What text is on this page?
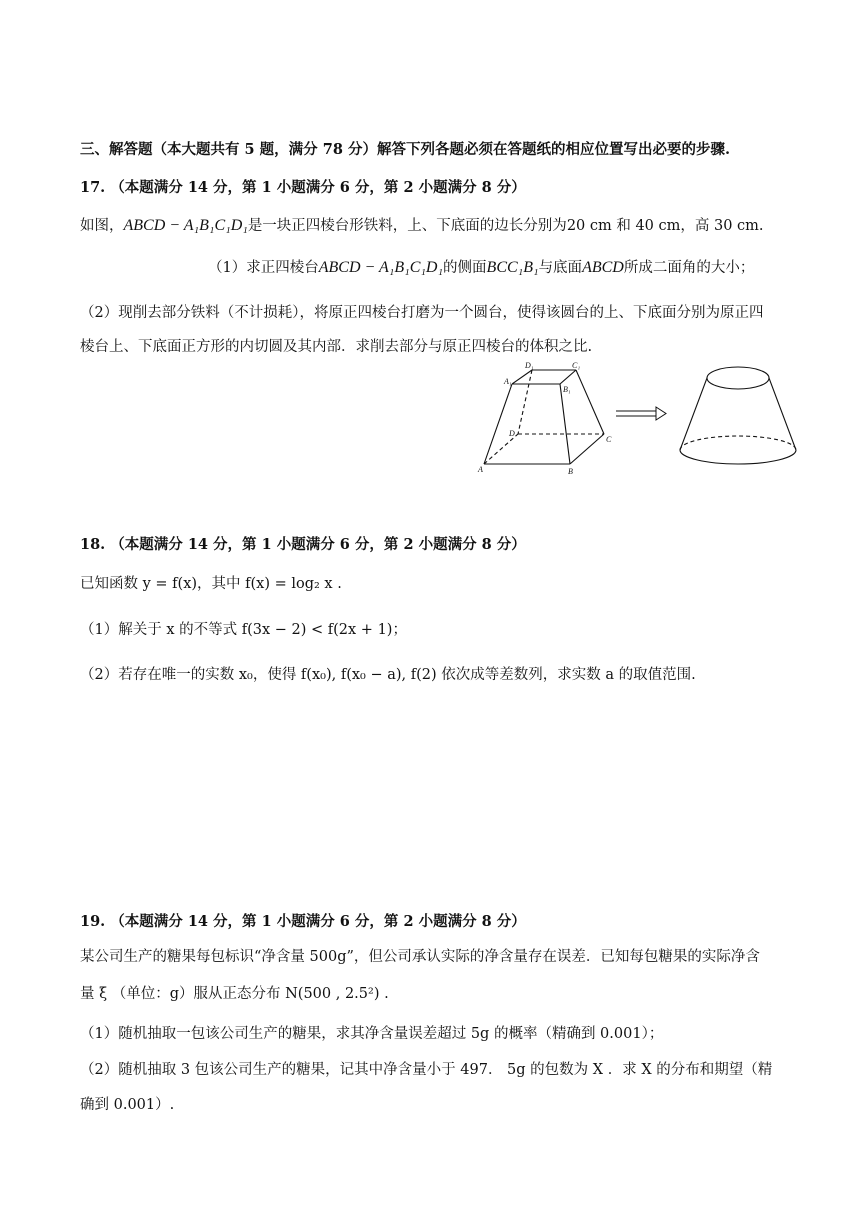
三、解答题（本大题共有 5 题，满分 78 分）解答下列各题必须在答题纸的相应位置写出必要的步骤.
17. （本题满分 14 分，第 1 小题满分 6 分，第 2 小题满分 8 分）
如图，ABCD − A₁B₁C₁D₁是一块正四棱台形铁料，上、下底面的边长分别为20 cm 和 40 cm，高 30 cm.
（1）求正四棱台ABCD − A₁B₁C₁D₁的侧面BCC₁B₁与底面ABCD所成二面角的大小；
（2）现削去部分铁料（不计损耗），将原正四棱台打磨为一个圆台，使得该圆台的上、下底面分别为原正四
棱台上、下底面正方形的内切圆及其内部．求削去部分与原正四棱台的体积之比.
A₁
D₁	C₁
B₁
D
C
A	B
18. （本题满分 14 分，第 1 小题满分 6 分，第 2 小题满分 8 分）
已知函数 y = f(x)，其中 f(x) = log₂ x .
（1）解关于 x 的不等式 f(3x − 2) < f(2x + 1)；
（2）若存在唯一的实数 x₀，使得 f(x₀), f(x₀ − a), f(2) 依次成等差数列，求实数 a 的取值范围.
19. （本题满分 14 分，第 1 小题满分 6 分，第 2 小题满分 8 分）
某公司生产的糖果每包标识“净含量 500g”，但公司承认实际的净含量存在误差．已知每包糖果的实际净含
量 ξ （单位：g）服从正态分布 N(500 , 2.5²) .
（1）随机抽取一包该公司生产的糖果，求其净含量误差超过 5g 的概率（精确到 0.001）；
（2）随机抽取 3 包该公司生产的糖果，记其中净含量小于 497． 5g 的包数为 X ．求 X 的分布和期望（精
确到 0.001）.
